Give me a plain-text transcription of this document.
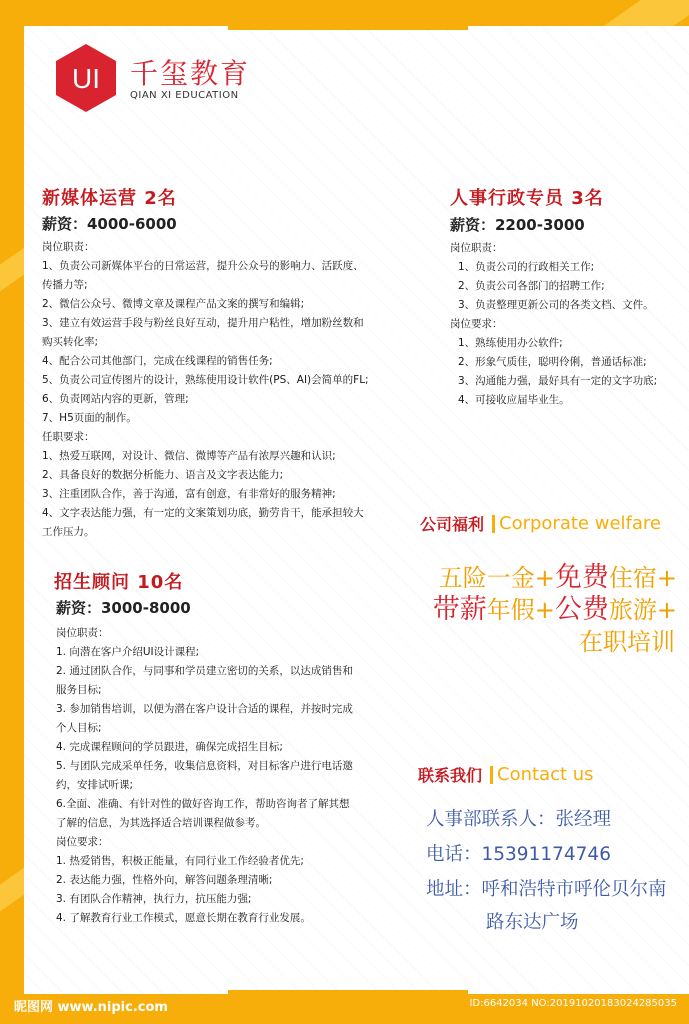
UI 千玺教育
QIAN XI EDUCATION
新媒体运营 2名
薪资：4000-6000
岗位职责：
1、负责公司新媒体平台的日常运营，提升公众号的影响力、活跃度、
传播力等;
2、微信公众号、微博文章及课程产品文案的撰写和编辑;
3、建立有效运营手段与粉丝良好互动，提升用户粘性，增加粉丝数和
购买转化率;
4、配合公司其他部门，完成在线课程的销售任务;
5、负责公司宣传图片的设计，熟练使用设计软件(PS、AI)会简单的FL;
6、负责网站内容的更新，管理;
7、H5页面的制作。
任职要求：
1、热爱互联网，对设计、微信、微博等产品有浓厚兴趣和认识;
2、具备良好的数据分析能力、语言及文字表达能力;
3、注重团队合作，善于沟通，富有创意，有非常好的服务精神;
4、文字表达能力强，有一定的文案策划功底，勤劳肯干，能承担较大
工作压力。
人事行政专员 3名
薪资：2200-3000
岗位职责：
1、负责公司的行政相关工作;
2、负责公司各部门的招聘工作;
3、负责整理更新公司的各类文档、文件。
岗位要求：
1、熟练使用办公软件;
2、形象气质佳，聪明伶俐，普通话标准;
3、沟通能力强，最好具有一定的文字功底;
4、可接收应届毕业生。
招生顾问 10名
薪资：3000-8000
岗位职责：
1. 向潜在客户介绍UI设计课程;
2. 通过团队合作，与同事和学员建立密切的关系，以达成销售和
服务目标;
3. 参加销售培训，以便为潜在客户设计合适的课程，并按时完成
个人目标;
4. 完成课程顾问的学员跟进，确保完成招生目标;
5. 与团队完成采单任务，收集信息资料，对目标客户进行电话邀
约，安排试听课;
6.全面、准确、有针对性的做好咨询工作，帮助咨询者了解其想
了解的信息，为其选择适合培训课程做参考。
岗位要求：
1. 热爱销售，积极正能量，有同行业工作经验者优先;
2. 表达能力强，性格外向，解答问题条理清晰;
3. 有团队合作精神，执行力，抗压能力强;
4. 了解教育行业工作模式，愿意长期在教育行业发展。
公司福利 Corporate welfare
五险一金+免费住宿+
带薪年假+公费旅游+
在职培训
联系我们 Contact us
人事部联系人：张经理
电话：15391174746
地址：呼和浩特市呼伦贝尔南
路东达广场
昵图网 www.nipic.com	ID:6642034 NO:20191020183024285035
